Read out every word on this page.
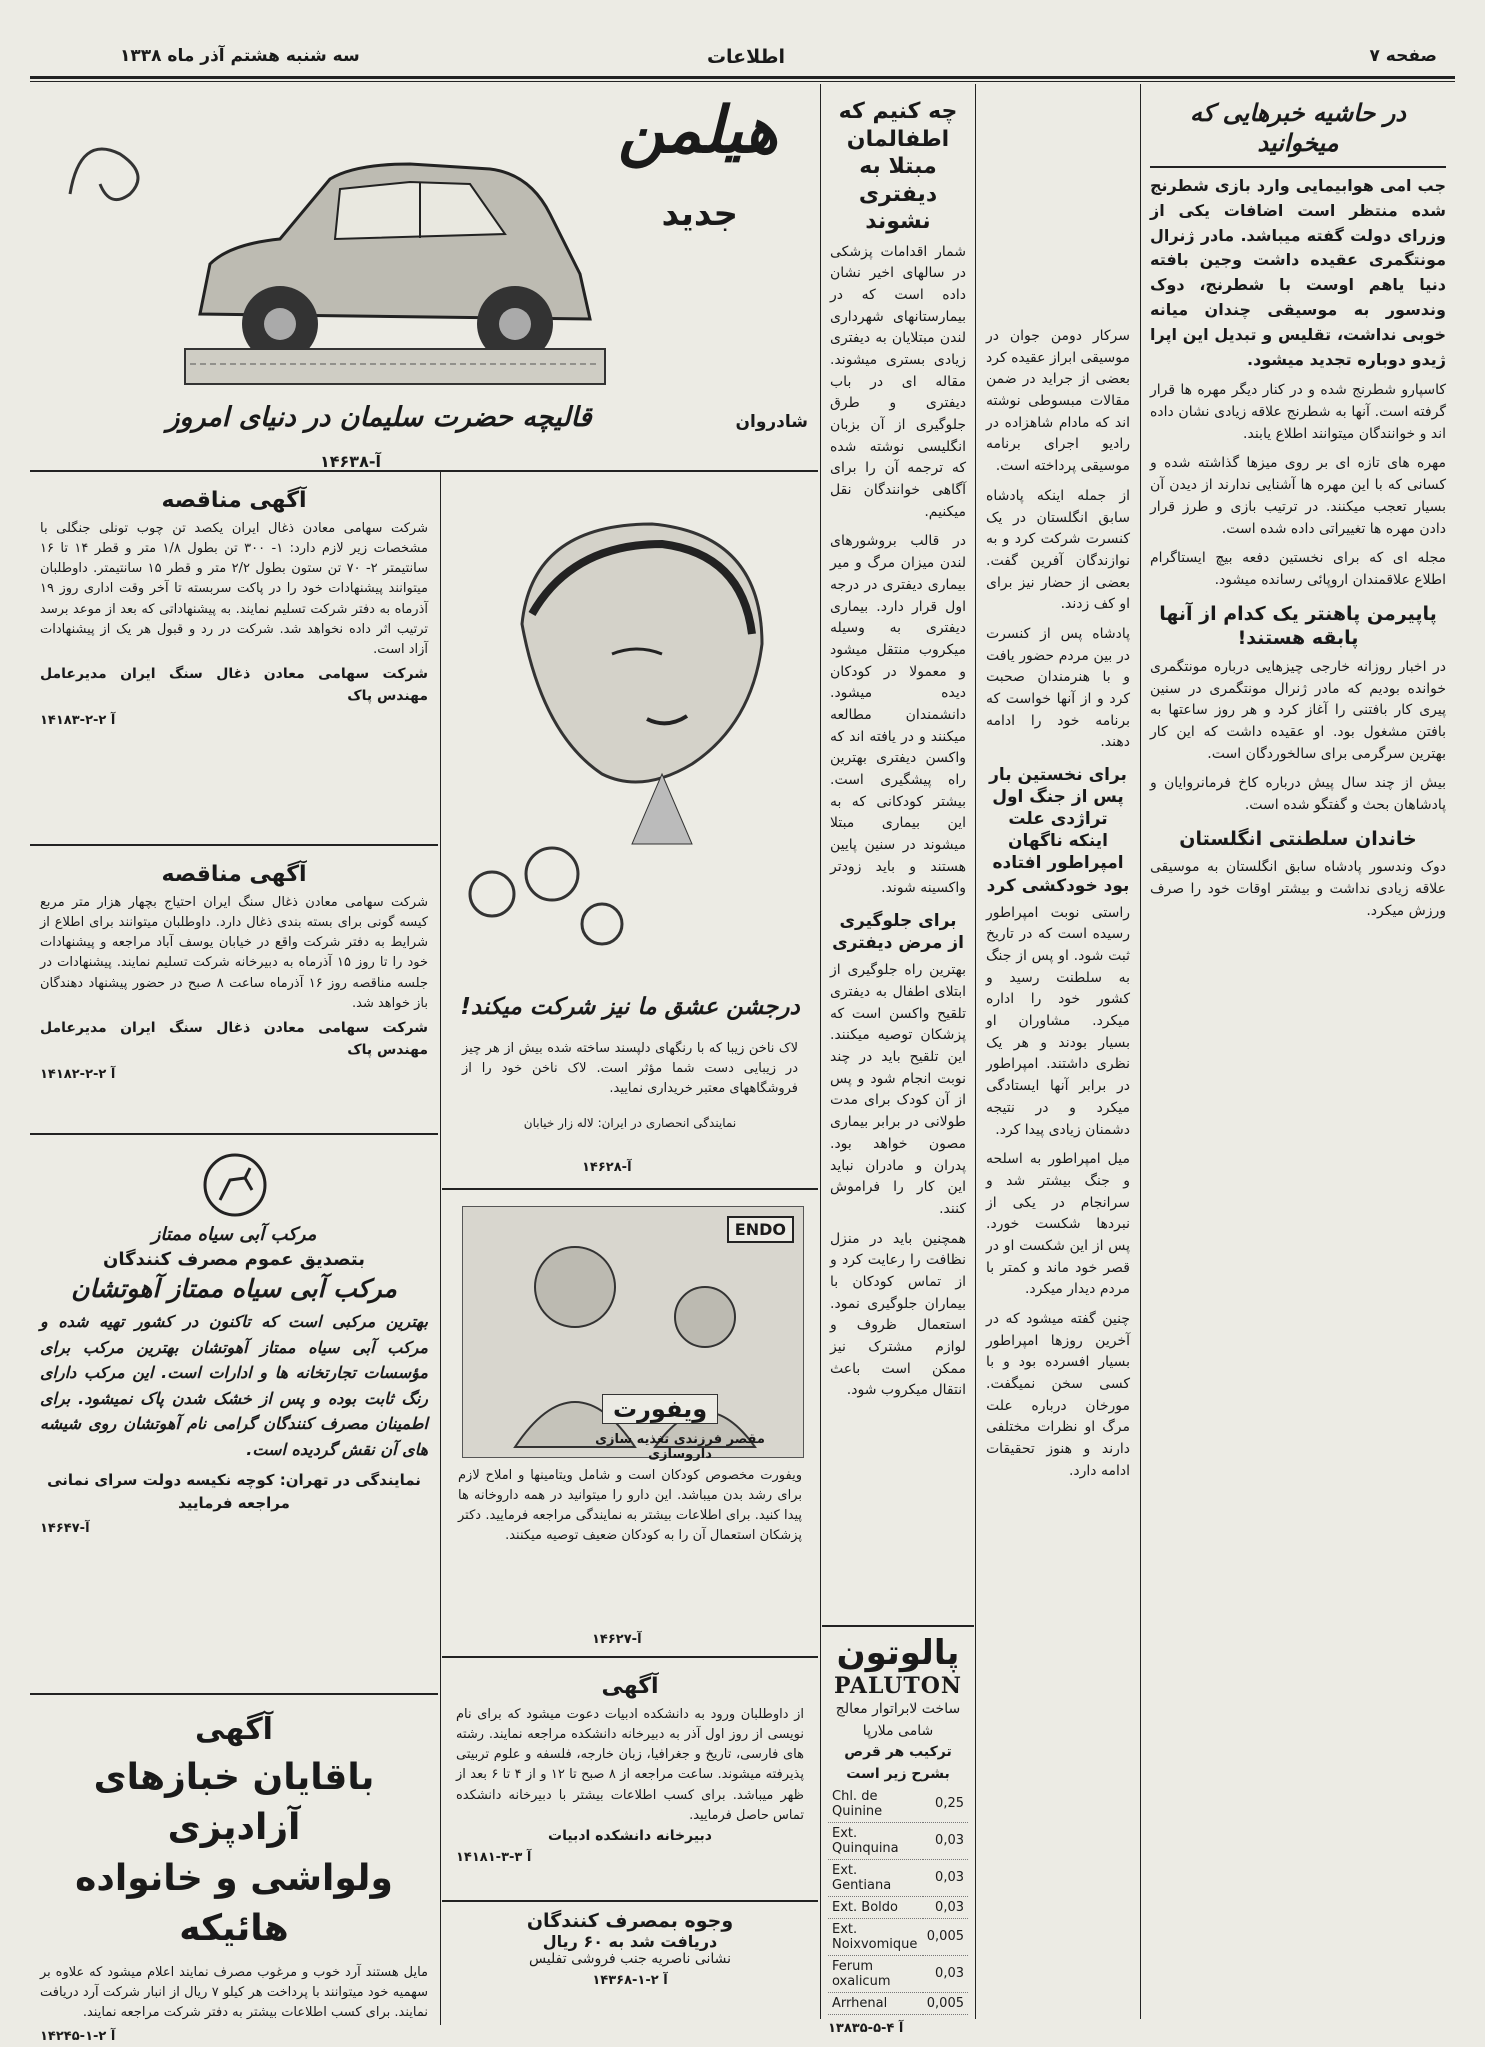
صفحه ۷
اطلاعات
سه شنبه هشتم آذر ماه ۱۳۳۸
در حاشیه خبرهایی که میخوانید
جب امی هوابیمایی وارد بازی شطرنج شده منتظر است اضافات یکی از وزرای دولت گفته میباشد. مادر ژنرال مونتگمری عقیده داشت وجین بافته دنیا یاهم اوست با شطرنج، دوک وندسور به موسیقی چندان میانه خوبی نداشت، تقلیس و تبدیل این اپرا ژیدو دوباره تجدید میشود.
کاسپارو شطرنج شده و در کنار دیگر مهره ها قرار گرفته است. آنها به شطرنج علاقه زیادی نشان داده اند و خوانندگان میتوانند اطلاع یابند.
مهره های تازه ای بر روی میزها گذاشته شده و کسانی که با این مهره ها آشنایی ندارند از دیدن آن بسیار تعجب میکنند. در ترتیب بازی و طرز قرار دادن مهره ها تغییراتی داده شده است.
مجله ای که برای نخستین دفعه بیچ ایستاگرام اطلاع علاقمندان اروپائی رسانده میشود.
پاپیرمن پاهنتر یک کدام از آنها پابقه هستند!
در اخبار روزانه خارجی چیزهایی درباره مونتگمری خوانده بودیم که مادر ژنرال مونتگمری در سنین پیری کار بافتنی را آغاز کرد و هر روز ساعتها به بافتن مشغول بود. او عقیده داشت که این کار بهترین سرگرمی برای سالخوردگان است.
بیش از چند سال پیش درباره کاخ فرمانروایان و پادشاهان بحث و گفتگو شده است.
خاندان سلطنتی انگلستان
دوک وندسور پادشاه سابق انگلستان به موسیقی علاقه زیادی نداشت و بیشتر اوقات خود را صرف ورزش میکرد.
سرکار دومن جوان در موسیقی ابراز عقیده کرد بعضی از جراید در ضمن مقالات مبسوطی نوشته اند که مادام شاهزاده در رادیو اجرای برنامه موسیقی پرداخته است.
از جمله اینکه پادشاه سابق انگلستان در یک کنسرت شرکت کرد و به نوازندگان آفرین گفت. بعضی از حضار نیز برای او کف زدند.
پادشاه پس از کنسرت در بین مردم حضور یافت و با هنرمندان صحبت کرد و از آنها خواست که برنامه خود را ادامه دهند.
برای نخستین بار پس از جنگ اول تراژدی علت اینکه ناگهان امپراطور افتاده بود خودکشی کرد
راستی نوبت امپراطور رسیده است که در تاریخ ثبت شود. او پس از جنگ به سلطنت رسید و کشور خود را اداره میکرد. مشاوران او بسیار بودند و هر یک نظری داشتند. امپراطور در برابر آنها ایستادگی میکرد و در نتیجه دشمنان زیادی پیدا کرد.
میل امپراطور به اسلحه و جنگ بیشتر شد و سرانجام در یکی از نبردها شکست خورد. پس از این شکست او در قصر خود ماند و کمتر با مردم دیدار میکرد.
چنین گفته میشود که در آخرین روزها امپراطور بسیار افسرده بود و با کسی سخن نمیگفت. مورخان درباره علت مرگ او نظرات مختلفی دارند و هنوز تحقیقات ادامه دارد.
چه کنیم که اطفالمان مبتلا به دیفتری نشوند
شمار اقدامات پزشکی در سالهای اخیر نشان داده است که در بیمارستانهای شهرداری لندن مبتلایان به دیفتری زیادی بستری میشوند. مقاله ای در باب دیفتری و طرق جلوگیری از آن بزبان انگلیسی نوشته شده که ترجمه آن را برای آگاهی خوانندگان نقل میکنیم.
در قالب بروشورهای لندن میزان مرگ و میر بیماری دیفتری در درجه اول قرار دارد. بیماری دیفتری به وسیله میکروب منتقل میشود و معمولا در کودکان دیده میشود. دانشمندان مطالعه میکنند و در یافته اند که واکسن دیفتری بهترین راه پیشگیری است. بیشتر کودکانی که به این بیماری مبتلا میشوند در سنین پایین هستند و باید زودتر واکسینه شوند.
برای جلوگیری از مرض دیفتری
بهترین راه جلوگیری از ابتلای اطفال به دیفتری تلقیح واکسن است که پزشکان توصیه میکنند. این تلقیح باید در چند نوبت انجام شود و پس از آن کودک برای مدت طولانی در برابر بیماری مصون خواهد بود. پدران و مادران نباید این کار را فراموش کنند.
همچنین باید در منزل نظافت را رعایت کرد و از تماس کودکان با بیماران جلوگیری نمود. استعمال ظروف و لوازم مشترک نیز ممکن است باعث انتقال میکروب شود.
پالوتون
PALUTON
ساخت لابراتوار معالج شامی ملارپا
ترکیب هر قرص بشرح زیر است
Chl. de Quinine	0,25
Ext. Quinquina	0,03
Ext. Gentiana	0,03
Ext. Boldo	0,03
Ext. Noixvomique	0,005
Ferum oxalicum	0,03
Arrhenal	0,005
۱۳۸۳۵-آ ۴-۵
هیلمن
جدید
قالیچه حضرت سلیمان در دنیای امروز	شادروان
۱۴۶۳۸-آ
درجشن عشق ما نیز شرکت میکند!
لاک ناخن زیبا که با رنگهای دلپسند ساخته شده بیش از هر چیز در زیبایی دست شما مؤثر است. لاک ناخن خود را از فروشگاههای معتبر خریداری نمایید.
نمایندگی انحصاری در ایران: لاله زار خیابان
۱۴۶۲۸-آ
ENDO
ویفورت
مقصر فرزندی تغذیه سازی داروسازی
ویفورت مخصوص کودکان است و شامل ویتامینها و املاح لازم برای رشد بدن میباشد. این دارو را میتوانید در همه داروخانه ها پیدا کنید. برای اطلاعات بیشتر به نمایندگی مراجعه فرمایید. دکتر پزشکان استعمال آن را به کودکان ضعیف توصیه میکنند.
۱۴۶۲۷-آ
آگهی
از داوطلبان ورود به دانشکده ادبیات دعوت میشود که برای نام نویسی از روز اول آذر به دبیرخانه دانشکده مراجعه نمایند. رشته های فارسی، تاریخ و جغرافیا، زبان خارجه، فلسفه و علوم تربیتی پذیرفته میشوند. ساعت مراجعه از ۸ صبح تا ۱۲ و از ۴ تا ۶ بعد از ظهر میباشد. برای کسب اطلاعات بیشتر با دبیرخانه دانشکده تماس حاصل فرمایید.
دبیرخانه دانشکده ادبیات
۱۴۱۸۱-آ ۳-۳
وجوه بمصرف کنندگان
دریافت شد به ۶۰ ریال
نشانی ناصریه جنب فروشی تفلیس
۱۴۳۶۸-آ ۲-۱
آگهی مناقصه
شرکت سهامی معادن ذغال ایران یکصد تن چوب تونلی جنگلی با مشخصات زیر لازم دارد: ۱- ۳۰۰ تن بطول ۱/۸ متر و قطر ۱۴ تا ۱۶ سانتیمتر ۲- ۷۰ تن ستون بطول ۲/۲ متر و قطر ۱۵ سانتیمتر. داوطلبان میتوانند پیشنهادات خود را در پاکت سربسته تا آخر وقت اداری روز ۱۹ آذرماه به دفتر شرکت تسلیم نمایند. به پیشنهاداتی که بعد از موعد برسد ترتیب اثر داده نخواهد شد. شرکت در رد و قبول هر یک از پیشنهادات آزاد است.
شرکت سهامی معادن ذغال سنگ ایران مدیرعامل مهندس پاک
۱۴۱۸۳-آ ۲-۲
آگهی مناقصه
شرکت سهامی معادن ذغال سنگ ایران احتیاج بچهار هزار متر مربع کیسه گونی برای بسته بندی ذغال دارد. داوطلبان میتوانند برای اطلاع از شرایط به دفتر شرکت واقع در خیابان یوسف آباد مراجعه و پیشنهادات خود را تا روز ۱۵ آذرماه به دبیرخانه شرکت تسلیم نمایند. پیشنهادات در جلسه مناقصه روز ۱۶ آذرماه ساعت ۸ صبح در حضور پیشنهاد دهندگان باز خواهد شد.
شرکت سهامی معادن ذغال سنگ ایران مدیرعامل مهندس پاک
۱۴۱۸۲-آ ۲-۲
مرکب آبی سیاه ممتاز
بتصدیق عموم مصرف کنندگان
مرکب آبی سیاه ممتاز آهوتشان
بهترین مرکبی است که تاکنون در کشور تهیه شده و مرکب آبی سیاه ممتاز آهوتشان بهترین مرکب برای مؤسسات تجارتخانه ها و ادارات است. این مرکب دارای رنگ ثابت بوده و پس از خشک شدن پاک نمیشود. برای اطمینان مصرف کنندگان گرامی نام آهوتشان روی شیشه های آن نقش گردیده است.
نمایندگی در تهران: کوچه نکیسه دولت سرای نمانی مراجعه فرمایید
۱۴۶۴۷-آ
آگهی
باقایان خبازهای آزادپزی
ولواشی و خانواده هائیکه
مایل هستند آرد خوب و مرغوب مصرف نمایند اعلام میشود که علاوه بر سهمیه خود میتوانند با پرداخت هر کیلو ۷ ریال از انبار شرکت آرد دریافت نمایند. برای کسب اطلاعات بیشتر به دفتر شرکت مراجعه نمایند.
۱۴۲۴۵-آ ۲-۱
